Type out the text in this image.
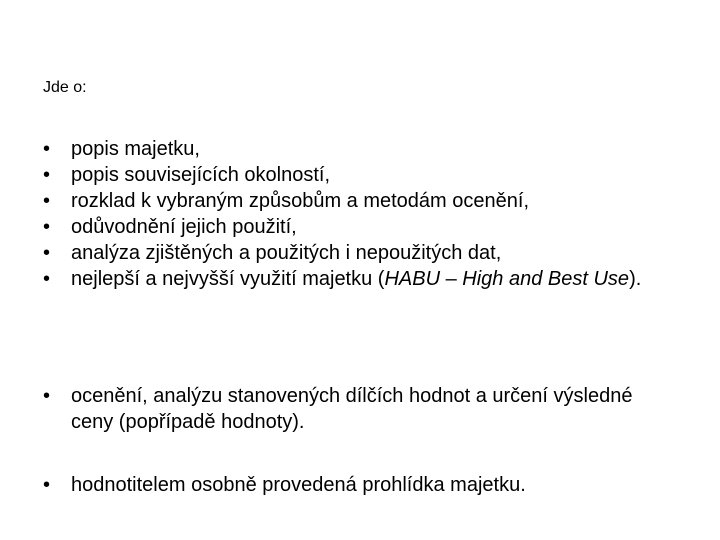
Jde o:
•	popis majetku,
•	popis souvisejících okolností,
•	rozklad k vybraným způsobům a metodám ocenění,
•	odůvodnění jejich použití,
•	analýza zjištěných a použitých i nepoužitých dat,
•	nejlepší a nejvyšší využití majetku (HABU – High and Best Use).
•	ocenění, analýzu stanovených dílčích hodnot a určení výsledné ceny (popřípadě hodnoty).
•	hodnotitelem osobně provedená prohlídka majetku.
